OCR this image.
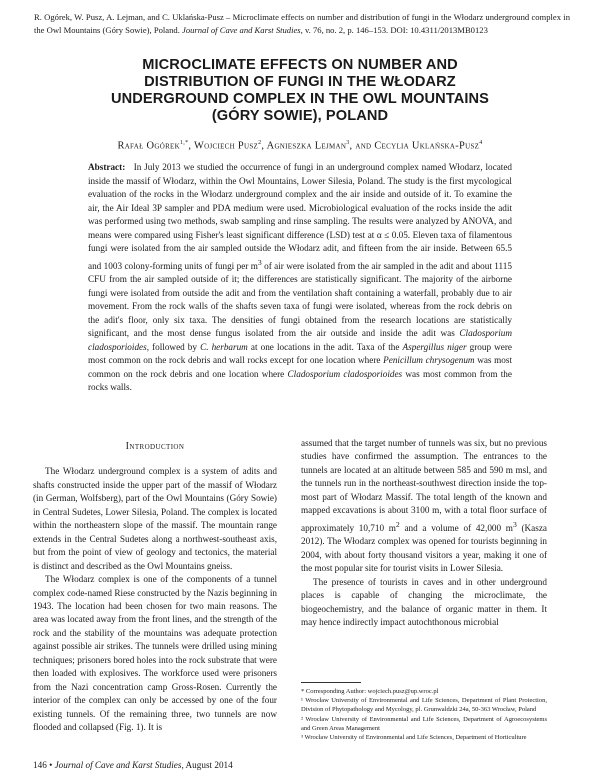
R. Ogórek, W. Pusz, A. Lejman, and C. Uklańska-Pusz – Microclimate effects on number and distribution of fungi in the Włodarz underground complex in the Owl Mountains (Góry Sowie), Poland. Journal of Cave and Karst Studies, v. 76, no. 2, p. 146–153. DOI: 10.4311/2013MB0123
MICROCLIMATE EFFECTS ON NUMBER AND
DISTRIBUTION OF FUNGI IN THE WŁODARZ
UNDERGROUND COMPLEX IN THE OWL MOUNTAINS
(GÓRY SOWIE), POLAND
Rafał Ogórek$^{1,*}$, Wojciech Pusz$^2$, Agnieszka Lejman$^3$, and Cecylia Uklańska-Pusz$^4$
Abstract: In July 2013 we studied the occurrence of fungi in an underground complex named Włodarz, located inside the massif of Włodarz, within the Owl Mountains, Lower Silesia, Poland. The study is the first mycological evaluation of the rocks in the Włodarz underground complex and the air inside and outside of it. To examine the air, the Air Ideal 3P sampler and PDA medium were used. Microbiological evaluation of the rocks inside the adit was performed using two methods, swab sampling and rinse sampling. The results were analyzed by ANOVA, and means were compared using Fisher's least significant difference (LSD) test at α ≤ 0.05. Eleven taxa of filamentous fungi were isolated from the air sampled outside the Włodarz adit, and fifteen from the air inside. Between 65.5 and 1003 colony-forming units of fungi per $m^3$ of air were isolated from the air sampled in the adit and about 1115 CFU from the air sampled outside of it; the differences are statistically significant. The majority of the airborne fungi were isolated from outside the adit and from the ventilation shaft containing a waterfall, probably due to air movement. From the rock walls of the shafts seven taxa of fungi were isolated, whereas from the rock debris on the adit's floor, only six taxa. The densities of fungi obtained from the research locations are statistically significant, and the most dense fungus isolated from the air outside and inside the adit was Cladosporium cladosporioides, followed by C. herbarum at one locations in the adit. Taxa of the Aspergillus niger group were most common on the rock debris and wall rocks except for one location where Penicillum chrysogenum was most common on the rock debris and one location where Cladosporium cladosporioides was most common from the rocks walls.
Introduction

The Włodarz underground complex is a system of adits and shafts constructed inside the upper part of the massif of Włodarz (in German, Wolfsberg), part of the Owl Mountains (Góry Sowie) in Central Sudetes, Lower Silesia, Poland. The complex is located within the northeastern slope of the massif. The mountain range extends in the Central Sudetes along a northwest-southeast axis, but from the point of view of geology and tectonics, the material is distinct and described as the Owl Mountains gneiss.

The Włodarz complex is one of the components of a tunnel complex code-named Riese constructed by the Nazis beginning in 1943. The location had been chosen for two main reasons. The area was located away from the front lines, and the strength of the rock and the stability of the mountains was adequate protection against possible air strikes. The tunnels were drilled using mining techniques; prisoners bored holes into the rock substrate that were then loaded with explosives. The workforce used were prisoners from the Nazi concentration camp Gross-Rosen. Currently the interior of the complex can only be accessed by one of the four existing tunnels. Of the remaining three, two tunnels are now flooded and collapsed (Fig. 1). It is

assumed that the target number of tunnels was six, but no previous studies have confirmed the assumption. The entrances to the tunnels are located at an altitude between 585 and 590 m msl, and the tunnels run in the northeast-southwest direction inside the top-most part of Włodarz Massif. The total length of the known and mapped excavations is about 3100 m, with a total floor surface of approximately 10,710 $m^2$ and a volume of 42,000 $m^3$ (Kasza 2012). The Włodarz complex was opened for tourists beginning in 2004, with about forty thousand visitors a year, making it one of the most popular site for tourist visits in Lower Silesia.

The presence of tourists in caves and in other underground places is capable of changing the microclimate, the biogeochemistry, and the balance of organic matter in them. It may hence indirectly impact autochthonous microbial

* Corresponding Author: wojciech.pusz@up.wroc.pl
¹ Wrocław University of Environmental and Life Sciences, Department of Plant Protection, Division of Phytopathology and Mycology, pl. Grunwaldzki 24a, 50-363 Wrocław, Poland
² Wrocław University of Environmental and Life Sciences, Department of Agroecosystems and Green Areas Management
³ Wrocław University of Environmental and Life Sciences, Department of Horticulture
146 • Journal of Cave and Karst Studies, August 2014
